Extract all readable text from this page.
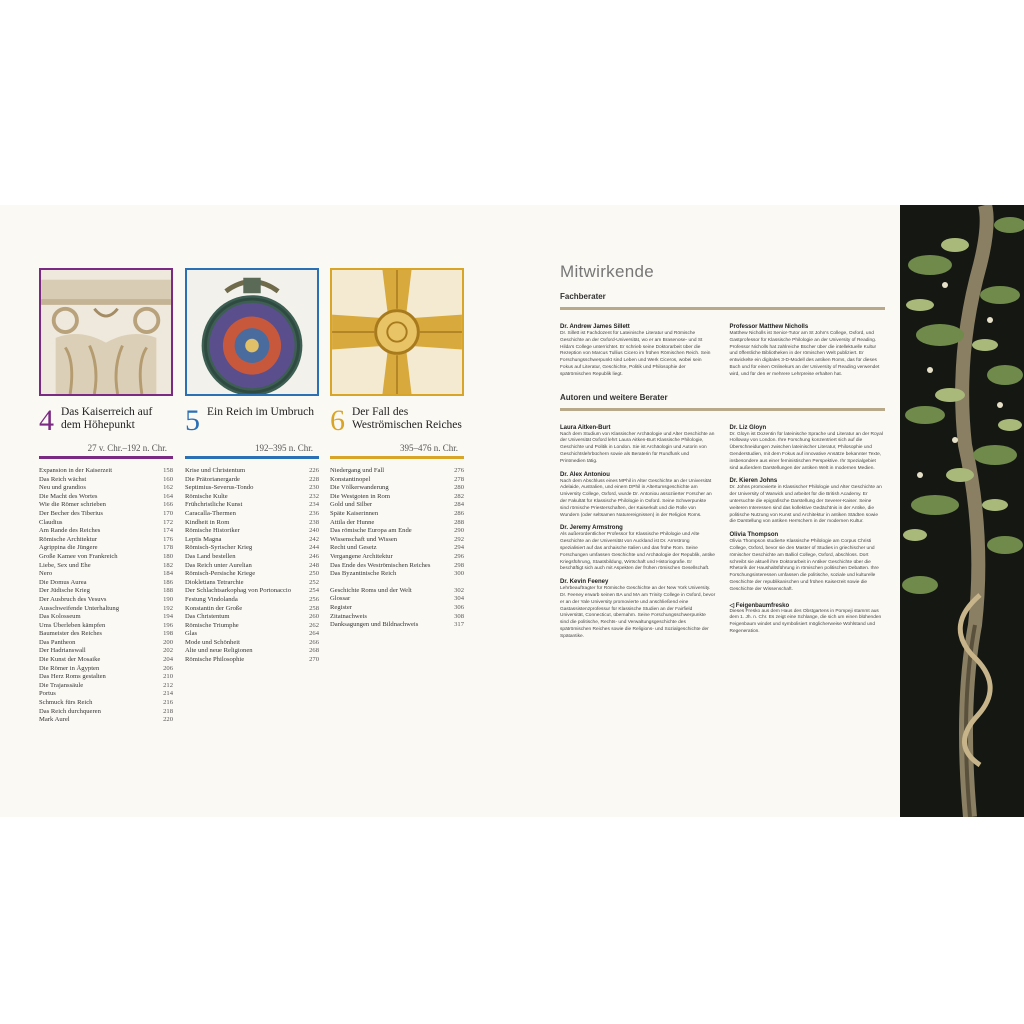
4 Das Kaiserreich auf dem Höhepunkt
27 v. Chr.–192 n. Chr.
Expansion in der Kaiserzeit	158
Das Reich wächst	160
Neu und grandios	162
Die Macht des Wortes	164
Wie die Römer schrieben	166
Der Becher des Tiberius	170
Claudius	172
Am Rande des Reiches	174
Römische Architektur	176
Agrippina die Jüngere	178
Große Kamee von Frankreich	180
Liebe, Sex und Ehe	182
Nero	184
Die Domus Aurea	186
Der Jüdische Krieg	188
Der Ausbruch des Vesuvs	190
Ausschweifende Unterhaltung	192
Das Kolosseum	194
Ums Überleben kämpfen	196
Baumeister des Reiches	198
Das Pantheon	200
Der Hadrianswall	202
Die Kunst der Mosaike	204
Die Römer in Ägypten	206
Das Herz Roms gestalten	210
Die Trajanssäule	212
Portus	214
Schmuck fürs Reich	216
Das Reich durchqueren	218
Mark Aurel	220
5 Ein Reich im Umbruch
192–395 n. Chr.
Krise und Christentum	226
Die Prätorianergarde	228
Septimius-Severus-Tondo	230
Römische Kulte	232
Frühchristliche Kunst	234
Caracalla-Thermen	236
Kindheit in Rom	238
Römische Historiker	240
Leptis Magna	242
Römisch-Syrischer Krieg	244
Das Land bestellen	246
Das Reich unter Aurelian	248
Römisch-Persische Kriege	250
Diokletians Tetrarchie	252
Der Schlachtsarkophag von Portonaccio	254
Festung Vindolanda	256
Konstantin der Große	258
Das Christentum	260
Römische Triumphe	262
Glas	264
Mode und Schönheit	266
Alte und neue Religionen	268
Römische Philosophie	270
6 Der Fall des Weströmischen Reiches
395–476 n. Chr.
Niedergang und Fall	276
Konstantinopel	278
Die Völkerwanderung	280
Die Westgoten in Rom	282
Gold und Silber	284
Späte Kaiserinnen	286
Attila der Hunne	288
Das römische Europa am Ende	290
Wissenschaft und Wissen	292
Recht und Gesetz	294
Vergangene Architektur	296
Das Ende des Weströmischen Reiches	298
Das Byzantinische Reich	300
Geschichte Roms und der Welt	302
Glossar	304
Register	306
Zitatnachweis	308
Danksagungen und Bildnachweis	317
Mitwirkende
Fachberater
Dr. Andrew James Sillett
Dr. Sillett ist Fachdozent für Lateinische Literatur und Römische Geschichte an der Oxford-Universität, wo er am Brasenose- und St Hilda's College unterrichtet. Er schrieb seine Doktorarbeit über die Rezeption von Marcus Tullius Cicero im frühen Römischen Reich. Sein Forschungsschwerpunkt sind Leben und Werk Ciceros, wobei sein Fokus auf Literatur, Geschichte, Politik und Philosophie der spätrömischen Republik liegt.
Professor Matthew Nicholls
Matthew Nicholls ist Senior-Tutor am St John's College, Oxford, und Gastprofessor für Klassische Philologie an der University of Reading. Professor Nicholls hat zahlreiche Bücher über die intellektuelle Kultur und öffentliche Bibliotheken in der römischen Welt publiziert. Er entwickelte ein digitales 3-D-Modell des antiken Roms, das für dieses Buch und für einen Onlinekurs an der University of Reading verwendet wird, und für den er mehrere Lehrpreise erhalten hat.
Autoren und weitere Berater
Laura Aitken-Burt
Nach dem Studium von Klassischer Archäologie und Alter Geschichte an der Universität Oxford lehrt Laura Aitken-Burt Klassische Philologie, Geschichte und Politik in London. Sie ist Archäologin und Autorin von Geschichtslehrbüchern sowie als Beraterin für Rundfunk und Printmedien tätig.
Dr. Alex Antoniou
Nach dem Abschluss eines MPhil in Alter Geschichte an der Universität Adelaide, Australien, und einem DPhil in Altertumsgeschichte am University College, Oxford, wurde Dr. Antoniou assoziierter Forscher an der Fakultät für Klassische Philologie in Oxford. Seine Schwerpunkte sind römische Priesterschaften, der Kaiserkult und die Rolle von Wundern (oder seltsamen Naturereignissen) in der Religion Roms.
Dr. Jeremy Armstrong
Als außerordentlicher Professor für Klassische Philologie und Alte Geschichte an der Universität von Auckland ist Dr. Armstrong spezialisiert auf das archaische Italien und das frühe Rom. Seine Forschungen umfassen Geschichte und Archäologie der Republik, antike Kriegsführung, Staatsbildung, Wirtschaft und Historiografie. Er beschäftigt sich auch mit Aspekten der frühen römischen Gesellschaft.
Dr. Kevin Feeney
Lehrbeauftragter für Römische Geschichte an der New York University. Dr. Feeney erwarb seinen BA und MA am Trinity College in Oxford, bevor er an der Yale University promovierte und anschließend eine Gastassistenzprofessur für Klassische Studien an der Fairfield Universität, Connecticut, übernahm. Seine Forschungsschwerpunkte sind die politische, Rechts- und Verwaltungsgeschichte des spätrömischen Reiches sowie die Religions- und Sozialgeschichte der Spätantike.
Dr. Liz Gloyn
Dr. Gloyn ist Dozentin für lateinische Sprache und Literatur an der Royal Holloway von London. Ihre Forschung konzentriert sich auf die Überschneidungen zwischen lateinischer Literatur, Philosophie und Genderstudien, mit dem Fokus auf innovative Ansätze bekannter Texte, insbesondere aus einer feministischen Perspektive. Ihr Spezialgebiet sind außerdem Darstellungen der antiken Welt in modernen Medien.
Dr. Kieren Johns
Dr. Johns promovierte in Klassischer Philologie und Alter Geschichte an der University of Warwick und arbeitet für die British Academy. Er untersuchte die epigrafische Darstellung der Severer-Kaiser. Seine weiteren Interessen sind das kollektive Gedächtnis in der Antike, die politische Nutzung von Kunst und Architektur in antiken Städten sowie die Darstellung von antiken Herrschern in der modernen Kultur.
Olivia Thompson
Olivia Thompson studierte Klassische Philologie am Corpus Christi College, Oxford, bevor sie den Master of Studies in griechischer und römischer Geschichte am Balliol College, Oxford, abschloss. Dort schreibt sie aktuell ihre Doktorarbeit in Antiker Geschichte über die Rhetorik der Haushaltsführung in römischen politischen Debatten. Ihre Forschungsinteressen umfassen die politische, soziale und kulturelle Geschichte der republikanischen und frühen Kaiserzeit sowie die Geschichte der Wissenschaft.
◁ Feigenbaumfresko
Dieses Fresko aus dem Haus des Obstgartens in Pompeji stammt aus dem 1. Jh. n. Chr. Es zeigt eine Schlange, die sich um einen blühenden Feigenbaum windet und symbolisiert möglicherweise Wohlstand und Regeneration.
